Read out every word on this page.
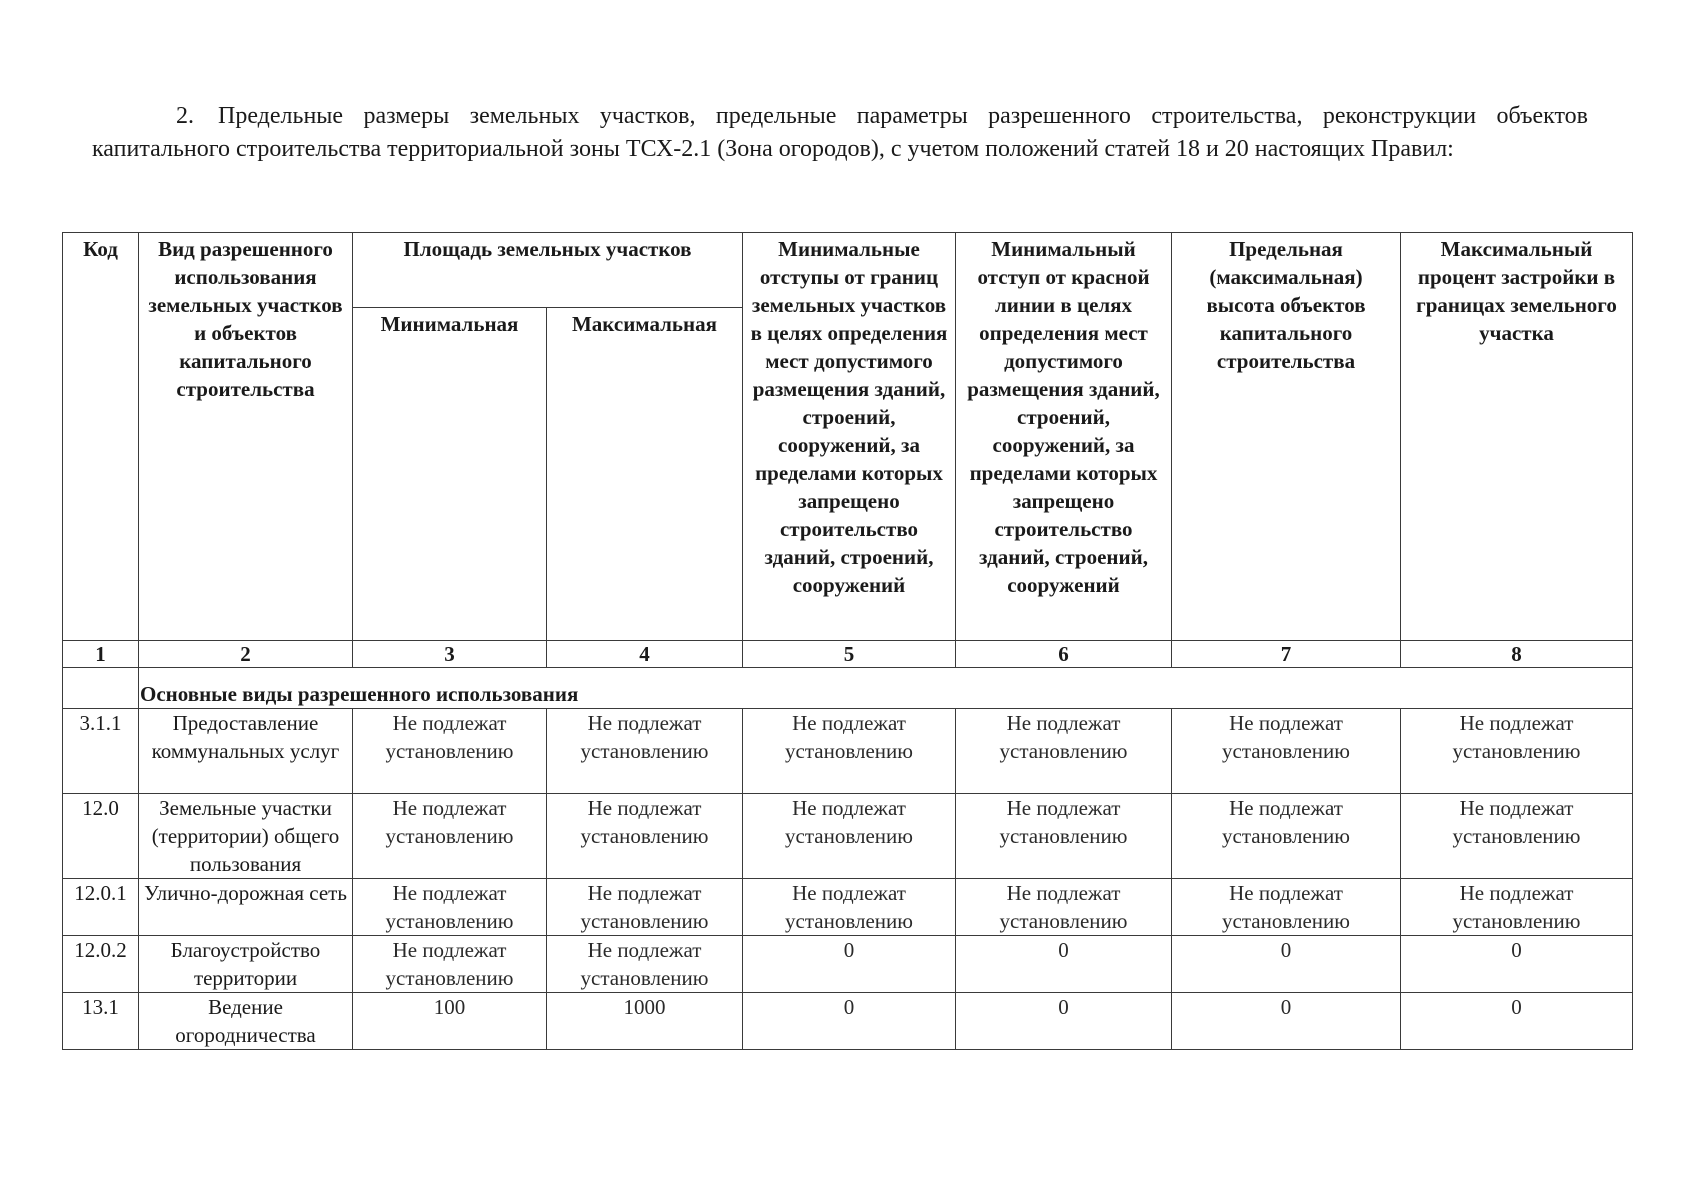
2. Предельные размеры земельных участков, предельные параметры разрешенного строительства, реконструкции объектов капитального строительства территориальной зоны ТСХ-2.1 (Зона огородов), с учетом положений статей 18 и 20 настоящих Правил:

Код	Вид разрешенного использования земельных участков и объектов капитального строительства	Площадь земельных участков		Минимальные отступы от границ земельных участков в целях определения мест допустимого размещения зданий, строений, сооружений, за пределами которых запрещено строительство зданий, строений, сооружений	Минимальный отступ от красной линии в целях определения мест допустимого размещения зданий, строений, сооружений, за пределами которых запрещено строительство зданий, строений, сооружений	Предельная (максимальная) высота объектов капитального строительства	Максимальный процент застройки в границах земельного участка
		Минимальная	Максимальная				
1	2	3	4	5	6	7	8
	Основные виды разрешенного использования						
3.1.1	Предоставление коммунальных услуг	Не подлежат установлению	Не подлежат установлению	Не подлежат установлению	Не подлежат установлению	Не подлежат установлению	Не подлежат установлению
12.0	Земельные участки (территории) общего пользования	Не подлежат установлению	Не подлежат установлению	Не подлежат установлению	Не подлежат установлению	Не подлежат установлению	Не подлежат установлению
12.0.1	Улично-дорожная сеть	Не подлежат установлению	Не подлежат установлению	Не подлежат установлению	Не подлежат установлению	Не подлежат установлению	Не подлежат установлению
12.0.2	Благоустройство территории	Не подлежат установлению	Не подлежат установлению	0	0	0	0
13.1	Ведение огородничества	100	1000	0	0	0	0
